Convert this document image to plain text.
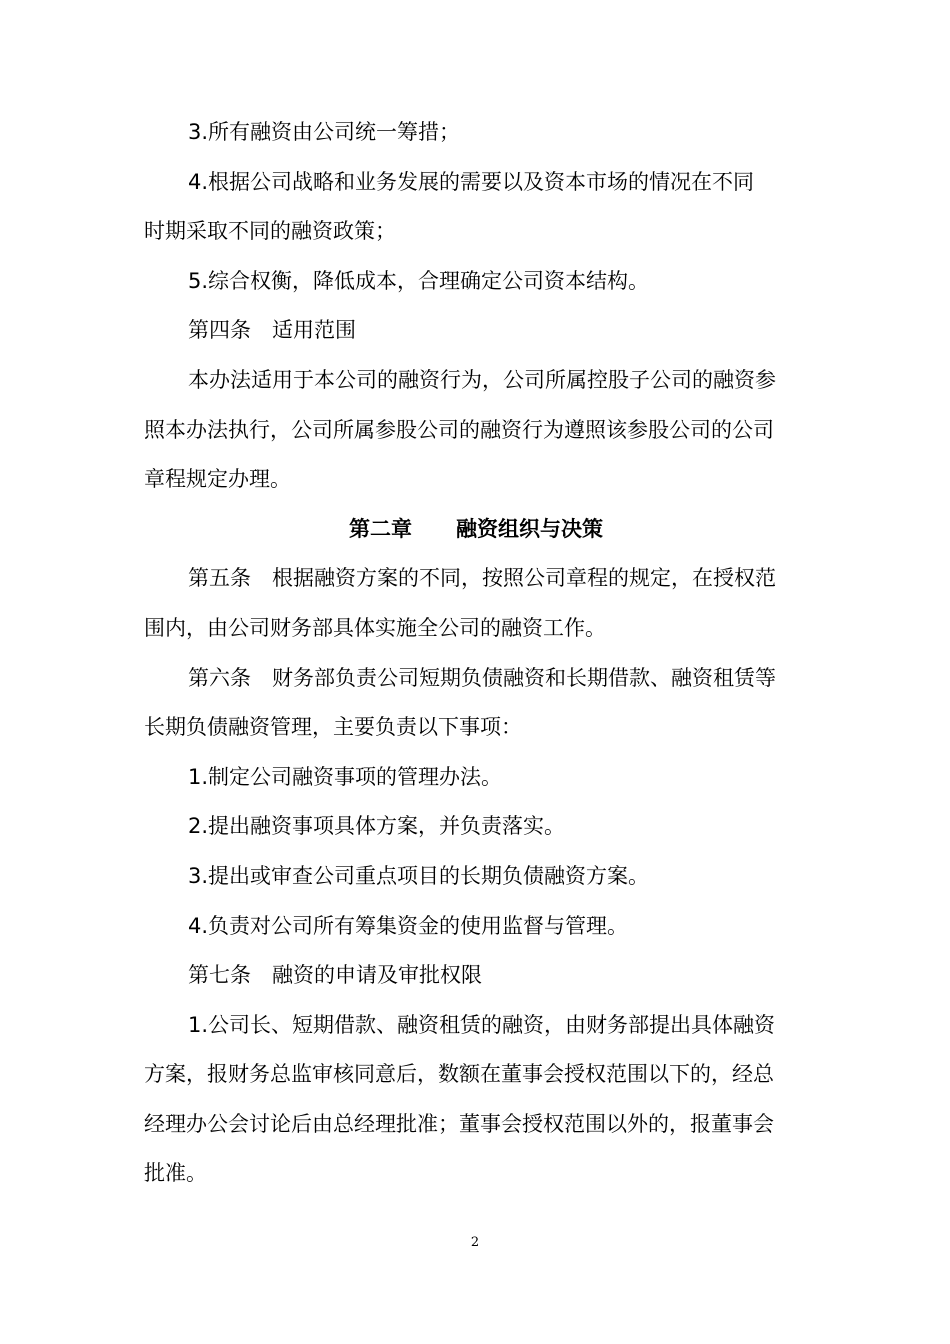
3.所有融资由公司统一筹措；
4.根据公司战略和业务发展的需要以及资本市场的情况在不同
时期采取不同的融资政策；
5.综合权衡，降低成本，合理确定公司资本结构。
第四条　适用范围
本办法适用于本公司的融资行为，公司所属控股子公司的融资参
照本办法执行，公司所属参股公司的融资行为遵照该参股公司的公司
章程规定办理。
第二章 融资组织与决策
第五条　根据融资方案的不同，按照公司章程的规定，在授权范
围内，由公司财务部具体实施全公司的融资工作。
第六条　财务部负责公司短期负债融资和长期借款、融资租赁等
长期负债融资管理，主要负责以下事项：
1.制定公司融资事项的管理办法。
2.提出融资事项具体方案，并负责落实。
3.提出或审查公司重点项目的长期负债融资方案。
4.负责对公司所有筹集资金的使用监督与管理。
第七条　融资的申请及审批权限
1.公司长、短期借款、融资租赁的融资，由财务部提出具体融资
方案，报财务总监审核同意后，数额在董事会授权范围以下的，经总
经理办公会讨论后由总经理批准；董事会授权范围以外的，报董事会
批准。
2
